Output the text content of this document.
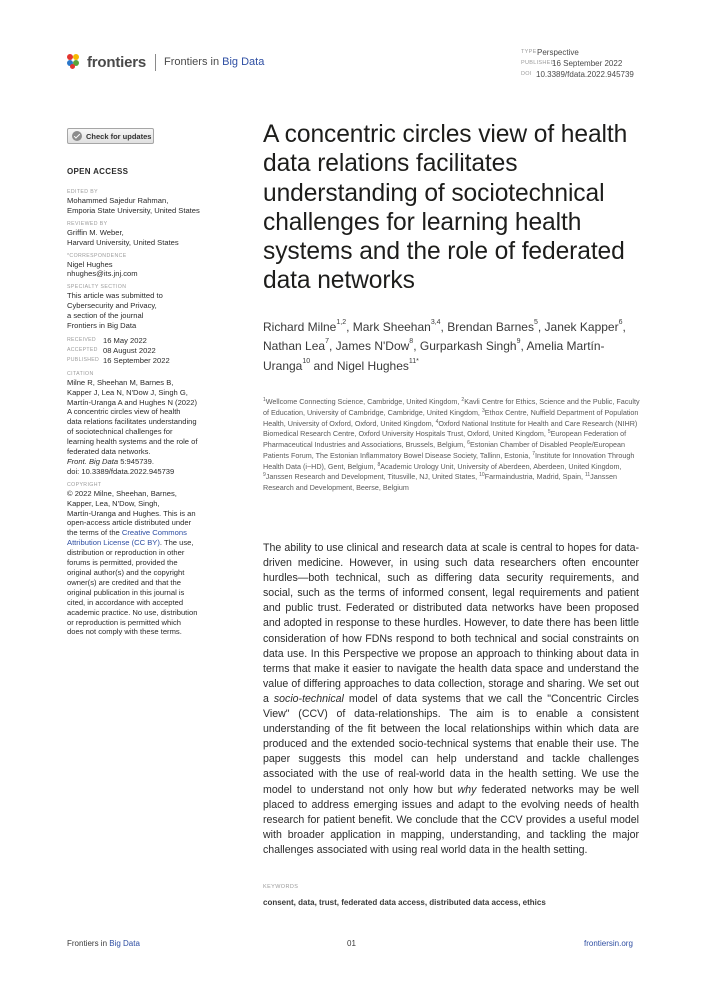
frontiers Frontiers in Big Data
TYPE Perspective
PUBLISHED
16 September 2022
DOI 10.3389/fdata.2022.945739
Check for updates
OPEN ACCESS
EDITED BY
Mohammed Sajedur Rahman,
Emporia State University, United States
REVIEWED BY
Griffin M. Weber,
Harvard University, United States
*CORRESPONDENCE
Nigel Hughes
nhughes@its.jnj.com
SPECIALTY SECTION
This article was submitted to
Cybersecurity and Privacy,
a section of the journal
Frontiers in Big Data
RECEIVED 16 May 2022
ACCEPTED 08 August 2022
PUBLISHED 16 September 2022
CITATION
Milne R, Sheehan M, Barnes B,
Kapper J, Lea N, N'Dow J, Singh G,
Martín-Uranga A and Hughes N (2022)
A concentric circles view of health
data relations facilitates understanding
of sociotechnical challenges for
learning health systems and the role of
federated data networks.
Front. Big Data 5:945739.
doi: 10.3389/fdata.2022.945739
COPYRIGHT
© 2022 Milne, Sheehan, Barnes,
Kapper, Lea, N'Dow, Singh,
Martín-Uranga and Hughes. This is an
open-access article distributed under
the terms of the Creative Commons
Attribution License (CC BY). The use,
distribution or reproduction in other
forums is permitted, provided the
original author(s) and the copyright
owner(s) are credited and that the
original publication in this journal is
cited, in accordance with accepted
academic practice. No use, distribution
or reproduction is permitted which
does not comply with these terms.
A concentric circles view of health data relations facilitates understanding of sociotechnical challenges for learning health systems and the role of federated data networks
Richard Milne$^{1,2}$, Mark Sheehan$^{3,4}$, Brendan Barnes$^5$, Janek Kapper$^6$, Nathan Lea$^7$, James N'Dow$^8$, Gurparkash Singh$^9$, Amelia Martín-Uranga$^{10}$ and Nigel Hughes$^{11*}$
$^1$Wellcome Connecting Science, Cambridge, United Kingdom, $^2$Kavli Centre for Ethics, Science and the Public, Faculty of Education, University of Cambridge, Cambridge, United Kingdom, $^3$Ethox Centre, Nuffield Department of Population Health, University of Oxford, Oxford, United Kingdom, $^4$Oxford National Institute for Health and Care Research (NIHR) Biomedical Research Centre, Oxford University Hospitals Trust, Oxford, United Kingdom, $^5$European Federation of Pharmaceutical Industries and Associations, Brussels, Belgium, $^6$Estonian Chamber of Disabled People/European Patients Forum, The Estonian Inflammatory Bowel Disease Society, Tallinn, Estonia, $^7$Institute for Innovation Through Health Data (i~HD), Gent, Belgium, $^8$Academic Urology Unit, University of Aberdeen, Aberdeen, United Kingdom, $^9$Janssen Research and Development, Titusville, NJ, United States, $^{10}$Farmaindustria, Madrid, Spain, $^{11}$Janssen Research and Development, Beerse, Belgium
The ability to use clinical and research data at scale is central to hopes for data-driven medicine. However, in using such data researchers often encounter hurdles—both technical, such as differing data security requirements, and social, such as the terms of informed consent, legal requirements and patient and public trust. Federated or distributed data networks have been proposed and adopted in response to these hurdles. However, to date there has been little consideration of how FDNs respond to both technical and social constraints on data use. In this Perspective we propose an approach to thinking about data in terms that make it easier to navigate the health data space and understand the value of differing approaches to data collection, storage and sharing. We set out a socio-technical model of data systems that we call the "Concentric Circles View" (CCV) of data-relationships. The aim is to enable a consistent understanding of the fit between the local relationships within which data are produced and the extended socio-technical systems that enable their use. The paper suggests this model can help understand and tackle challenges associated with the use of real-world data in the health setting. We use the model to understand not only how but why federated networks may be well placed to address emerging issues and adapt to the evolving needs of health research for patient benefit. We conclude that the CCV provides a useful model with broader application in mapping, understanding, and tackling the major challenges associated with using real world data in the health setting.
KEYWORDS
consent, data, trust, federated data access, distributed data access, ethics
Frontiers in Big Data	01	frontiersin.org
